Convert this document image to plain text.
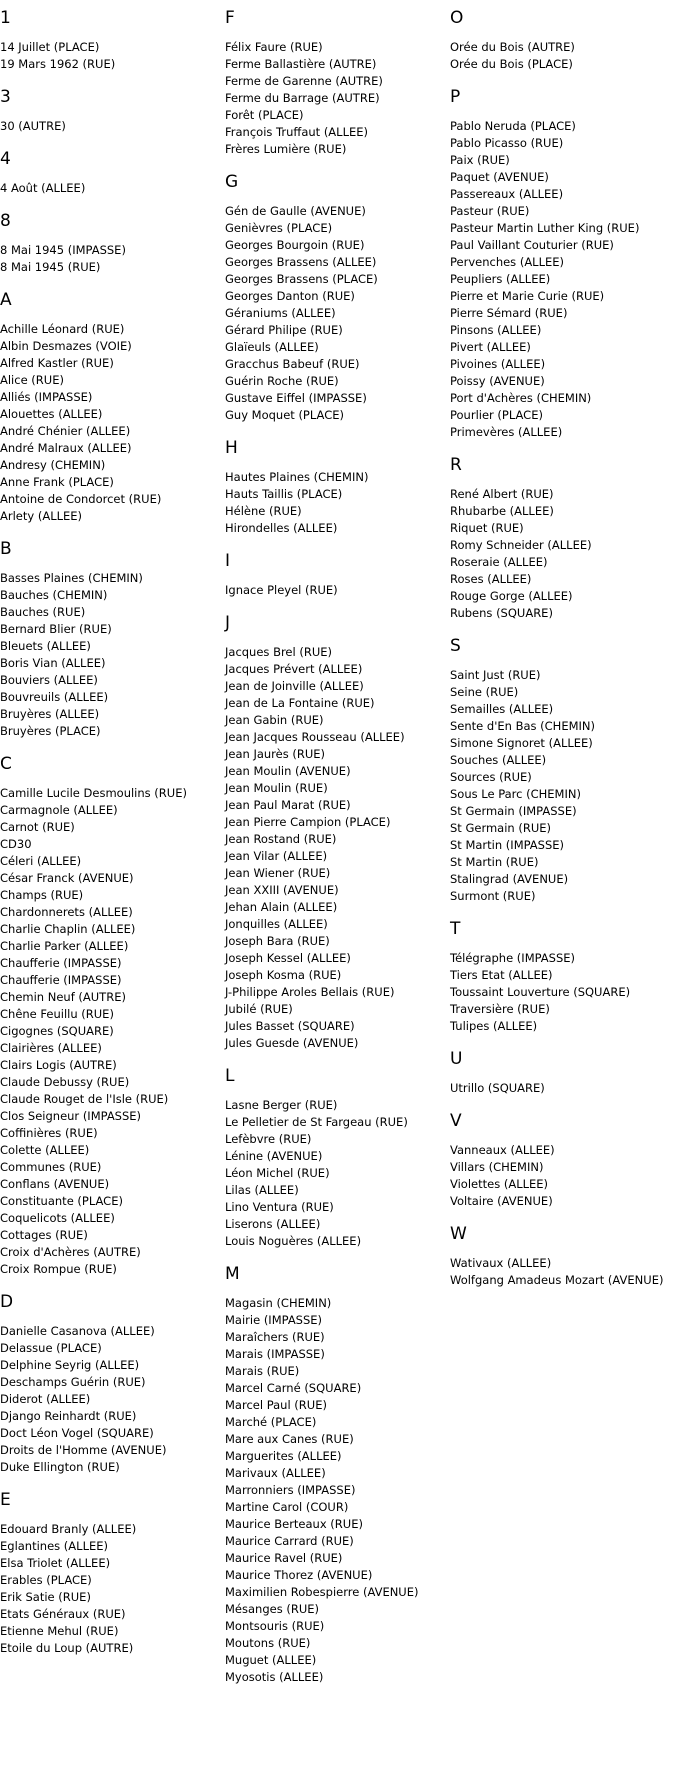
1
14 Juillet (PLACE)
19 Mars 1962 (RUE)
3
30 (AUTRE)
4
4 Août (ALLEE)
8
8 Mai 1945 (IMPASSE)
8 Mai 1945 (RUE)
A
Achille Léonard (RUE)
Albin Desmazes (VOIE)
Alfred Kastler (RUE)
Alice (RUE)
Alliés (IMPASSE)
Alouettes (ALLEE)
André Chénier (ALLEE)
André Malraux (ALLEE)
Andresy (CHEMIN)
Anne Frank (PLACE)
Antoine de Condorcet (RUE)
Arlety (ALLEE)
B
Basses Plaines (CHEMIN)
Bauches (CHEMIN)
Bauches (RUE)
Bernard Blier (RUE)
Bleuets (ALLEE)
Boris Vian (ALLEE)
Bouviers (ALLEE)
Bouvreuils (ALLEE)
Bruyères (ALLEE)
Bruyères (PLACE)
C
Camille Lucile Desmoulins (RUE)
Carmagnole (ALLEE)
Carnot (RUE)
CD30
Céleri (ALLEE)
César Franck (AVENUE)
Champs (RUE)
Chardonnerets (ALLEE)
Charlie Chaplin (ALLEE)
Charlie Parker (ALLEE)
Chaufferie (IMPASSE)
Chaufferie (IMPASSE)
Chemin Neuf (AUTRE)
Chêne Feuillu (RUE)
Cigognes (SQUARE)
Clairières (ALLEE)
Clairs Logis (AUTRE)
Claude Debussy (RUE)
Claude Rouget de l'Isle (RUE)
Clos Seigneur (IMPASSE)
Coffinières (RUE)
Colette (ALLEE)
Communes (RUE)
Conflans (AVENUE)
Constituante (PLACE)
Coquelicots (ALLEE)
Cottages (RUE)
Croix d'Achères (AUTRE)
Croix Rompue (RUE)
D
Danielle Casanova (ALLEE)
Delassue (PLACE)
Delphine Seyrig (ALLEE)
Deschamps Guérin (RUE)
Diderot (ALLEE)
Django Reinhardt (RUE)
Doct Léon Vogel (SQUARE)
Droits de l'Homme (AVENUE)
Duke Ellington (RUE)
E
Edouard Branly (ALLEE)
Eglantines (ALLEE)
Elsa Triolet (ALLEE)
Erables (PLACE)
Erik Satie (RUE)
Etats Généraux (RUE)
Etienne Mehul (RUE)
Etoile du Loup (AUTRE)
F
Félix Faure (RUE)
Ferme Ballastière (AUTRE)
Ferme de Garenne (AUTRE)
Ferme du Barrage (AUTRE)
Forêt (PLACE)
François Truffaut (ALLEE)
Frères Lumière (RUE)
G
Gén de Gaulle (AVENUE)
Genièvres (PLACE)
Georges Bourgoin (RUE)
Georges Brassens (ALLEE)
Georges Brassens (PLACE)
Georges Danton (RUE)
Géraniums (ALLEE)
Gérard Philipe (RUE)
Glaïeuls (ALLEE)
Gracchus Babeuf (RUE)
Guérin Roche (RUE)
Gustave Eiffel (IMPASSE)
Guy Moquet (PLACE)
H
Hautes Plaines (CHEMIN)
Hauts Taillis (PLACE)
Hélène (RUE)
Hirondelles (ALLEE)
I
Ignace Pleyel (RUE)
J
Jacques Brel (RUE)
Jacques Prévert (ALLEE)
Jean de Joinville (ALLEE)
Jean de La Fontaine (RUE)
Jean Gabin (RUE)
Jean Jacques Rousseau (ALLEE)
Jean Jaurès (RUE)
Jean Moulin (AVENUE)
Jean Moulin (RUE)
Jean Paul Marat (RUE)
Jean Pierre Campion (PLACE)
Jean Rostand (RUE)
Jean Vilar (ALLEE)
Jean Wiener (RUE)
Jean XXIII (AVENUE)
Jehan Alain (ALLEE)
Jonquilles (ALLEE)
Joseph Bara (RUE)
Joseph Kessel (ALLEE)
Joseph Kosma (RUE)
J-Philippe Aroles Bellais (RUE)
Jubilé (RUE)
Jules Basset (SQUARE)
Jules Guesde (AVENUE)
L
Lasne Berger (RUE)
Le Pelletier de St Fargeau (RUE)
Lefèbvre (RUE)
Lénine (AVENUE)
Léon Michel (RUE)
Lilas (ALLEE)
Lino Ventura (RUE)
Liserons (ALLEE)
Louis Noguères (ALLEE)
M
Magasin (CHEMIN)
Mairie (IMPASSE)
Maraîchers (RUE)
Marais (IMPASSE)
Marais (RUE)
Marcel Carné (SQUARE)
Marcel Paul (RUE)
Marché (PLACE)
Mare aux Canes (RUE)
Marguerites (ALLEE)
Marivaux (ALLEE)
Marronniers (IMPASSE)
Martine Carol (COUR)
Maurice Berteaux (RUE)
Maurice Carrard (RUE)
Maurice Ravel (RUE)
Maurice Thorez (AVENUE)
Maximilien Robespierre (AVENUE)
Mésanges (RUE)
Montsouris (RUE)
Moutons (RUE)
Muguet (ALLEE)
Myosotis (ALLEE)
O
Orée du Bois (AUTRE)
Orée du Bois (PLACE)
P
Pablo Neruda (PLACE)
Pablo Picasso (RUE)
Paix (RUE)
Paquet (AVENUE)
Passereaux (ALLEE)
Pasteur (RUE)
Pasteur Martin Luther King (RUE)
Paul Vaillant Couturier (RUE)
Pervenches (ALLEE)
Peupliers (ALLEE)
Pierre et Marie Curie (RUE)
Pierre Sémard (RUE)
Pinsons (ALLEE)
Pivert (ALLEE)
Pivoines (ALLEE)
Poissy (AVENUE)
Port d'Achères (CHEMIN)
Pourlier (PLACE)
Primevères (ALLEE)
R
René Albert (RUE)
Rhubarbe (ALLEE)
Riquet (RUE)
Romy Schneider (ALLEE)
Roseraie (ALLEE)
Roses (ALLEE)
Rouge Gorge (ALLEE)
Rubens (SQUARE)
S
Saint Just (RUE)
Seine (RUE)
Semailles (ALLEE)
Sente d'En Bas (CHEMIN)
Simone Signoret (ALLEE)
Souches (ALLEE)
Sources (RUE)
Sous Le Parc (CHEMIN)
St Germain (IMPASSE)
St Germain (RUE)
St Martin (IMPASSE)
St Martin (RUE)
Stalingrad (AVENUE)
Surmont (RUE)
T
Télégraphe (IMPASSE)
Tiers Etat (ALLEE)
Toussaint Louverture (SQUARE)
Traversière (RUE)
Tulipes (ALLEE)
U
Utrillo (SQUARE)
V
Vanneaux (ALLEE)
Villars (CHEMIN)
Violettes (ALLEE)
Voltaire (AVENUE)
W
Wativaux (ALLEE)
Wolfgang Amadeus Mozart (AVENUE)
